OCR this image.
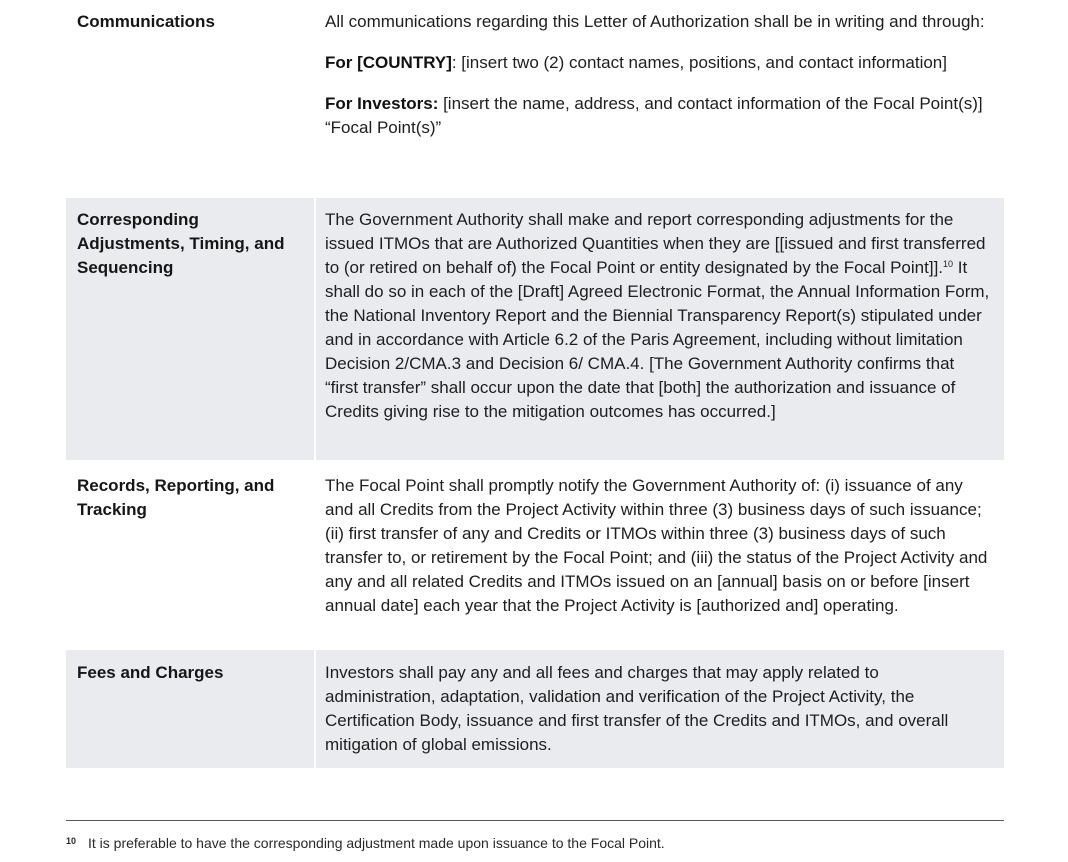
Communications	All communications regarding this Letter of Authorization shall be in writing and through:

For [COUNTRY]: [insert two (2) contact names, positions, and contact information]

For Investors: [insert the name, address, and contact information of the Focal Point(s)] “Focal Point(s)”

Corresponding Adjustments, Timing, and Sequencing

The Government Authority shall make and report corresponding adjustments for the issued ITMOs that are Authorized Quantities when they are [[issued and first transferred to (or retired on behalf of) the Focal Point or entity designated by the Focal Point]].$^{10}$ It shall do so in each of the [Draft] Agreed Electronic Format, the Annual Information Form, the National Inventory Report and the Biennial Transparency Report(s) stipulated under and in accordance with Article 6.2 of the Paris Agreement, including without limitation Decision 2/CMA.3 and Decision 6/ CMA.4. [The Government Authority confirms that “first transfer” shall occur upon the date that [both] the authorization and issuance of Credits giving rise to the mitigation outcomes has occurred.]

Records, Reporting, and Tracking

The Focal Point shall promptly notify the Government Authority of: (i) issuance of any and all Credits from the Project Activity within three (3) business days of such issuance; (ii) first transfer of any and Credits or ITMOs within three (3) business days of such transfer to, or retirement by the Focal Point; and (iii) the status of the Project Activity and any and all related Credits and ITMOs issued on an [annual] basis on or before [insert annual date] each year that the Project Activity is [authorized and] operating.

Fees and Charges	Investors shall pay any and all fees and charges that may apply related to administration, adaptation, validation and verification of the Project Activity, the Certification Body, issuance and first transfer of the Credits and ITMOs, and overall mitigation of global emissions.

$^{10}$ It is preferable to have the corresponding adjustment made upon issuance to the Focal Point.
